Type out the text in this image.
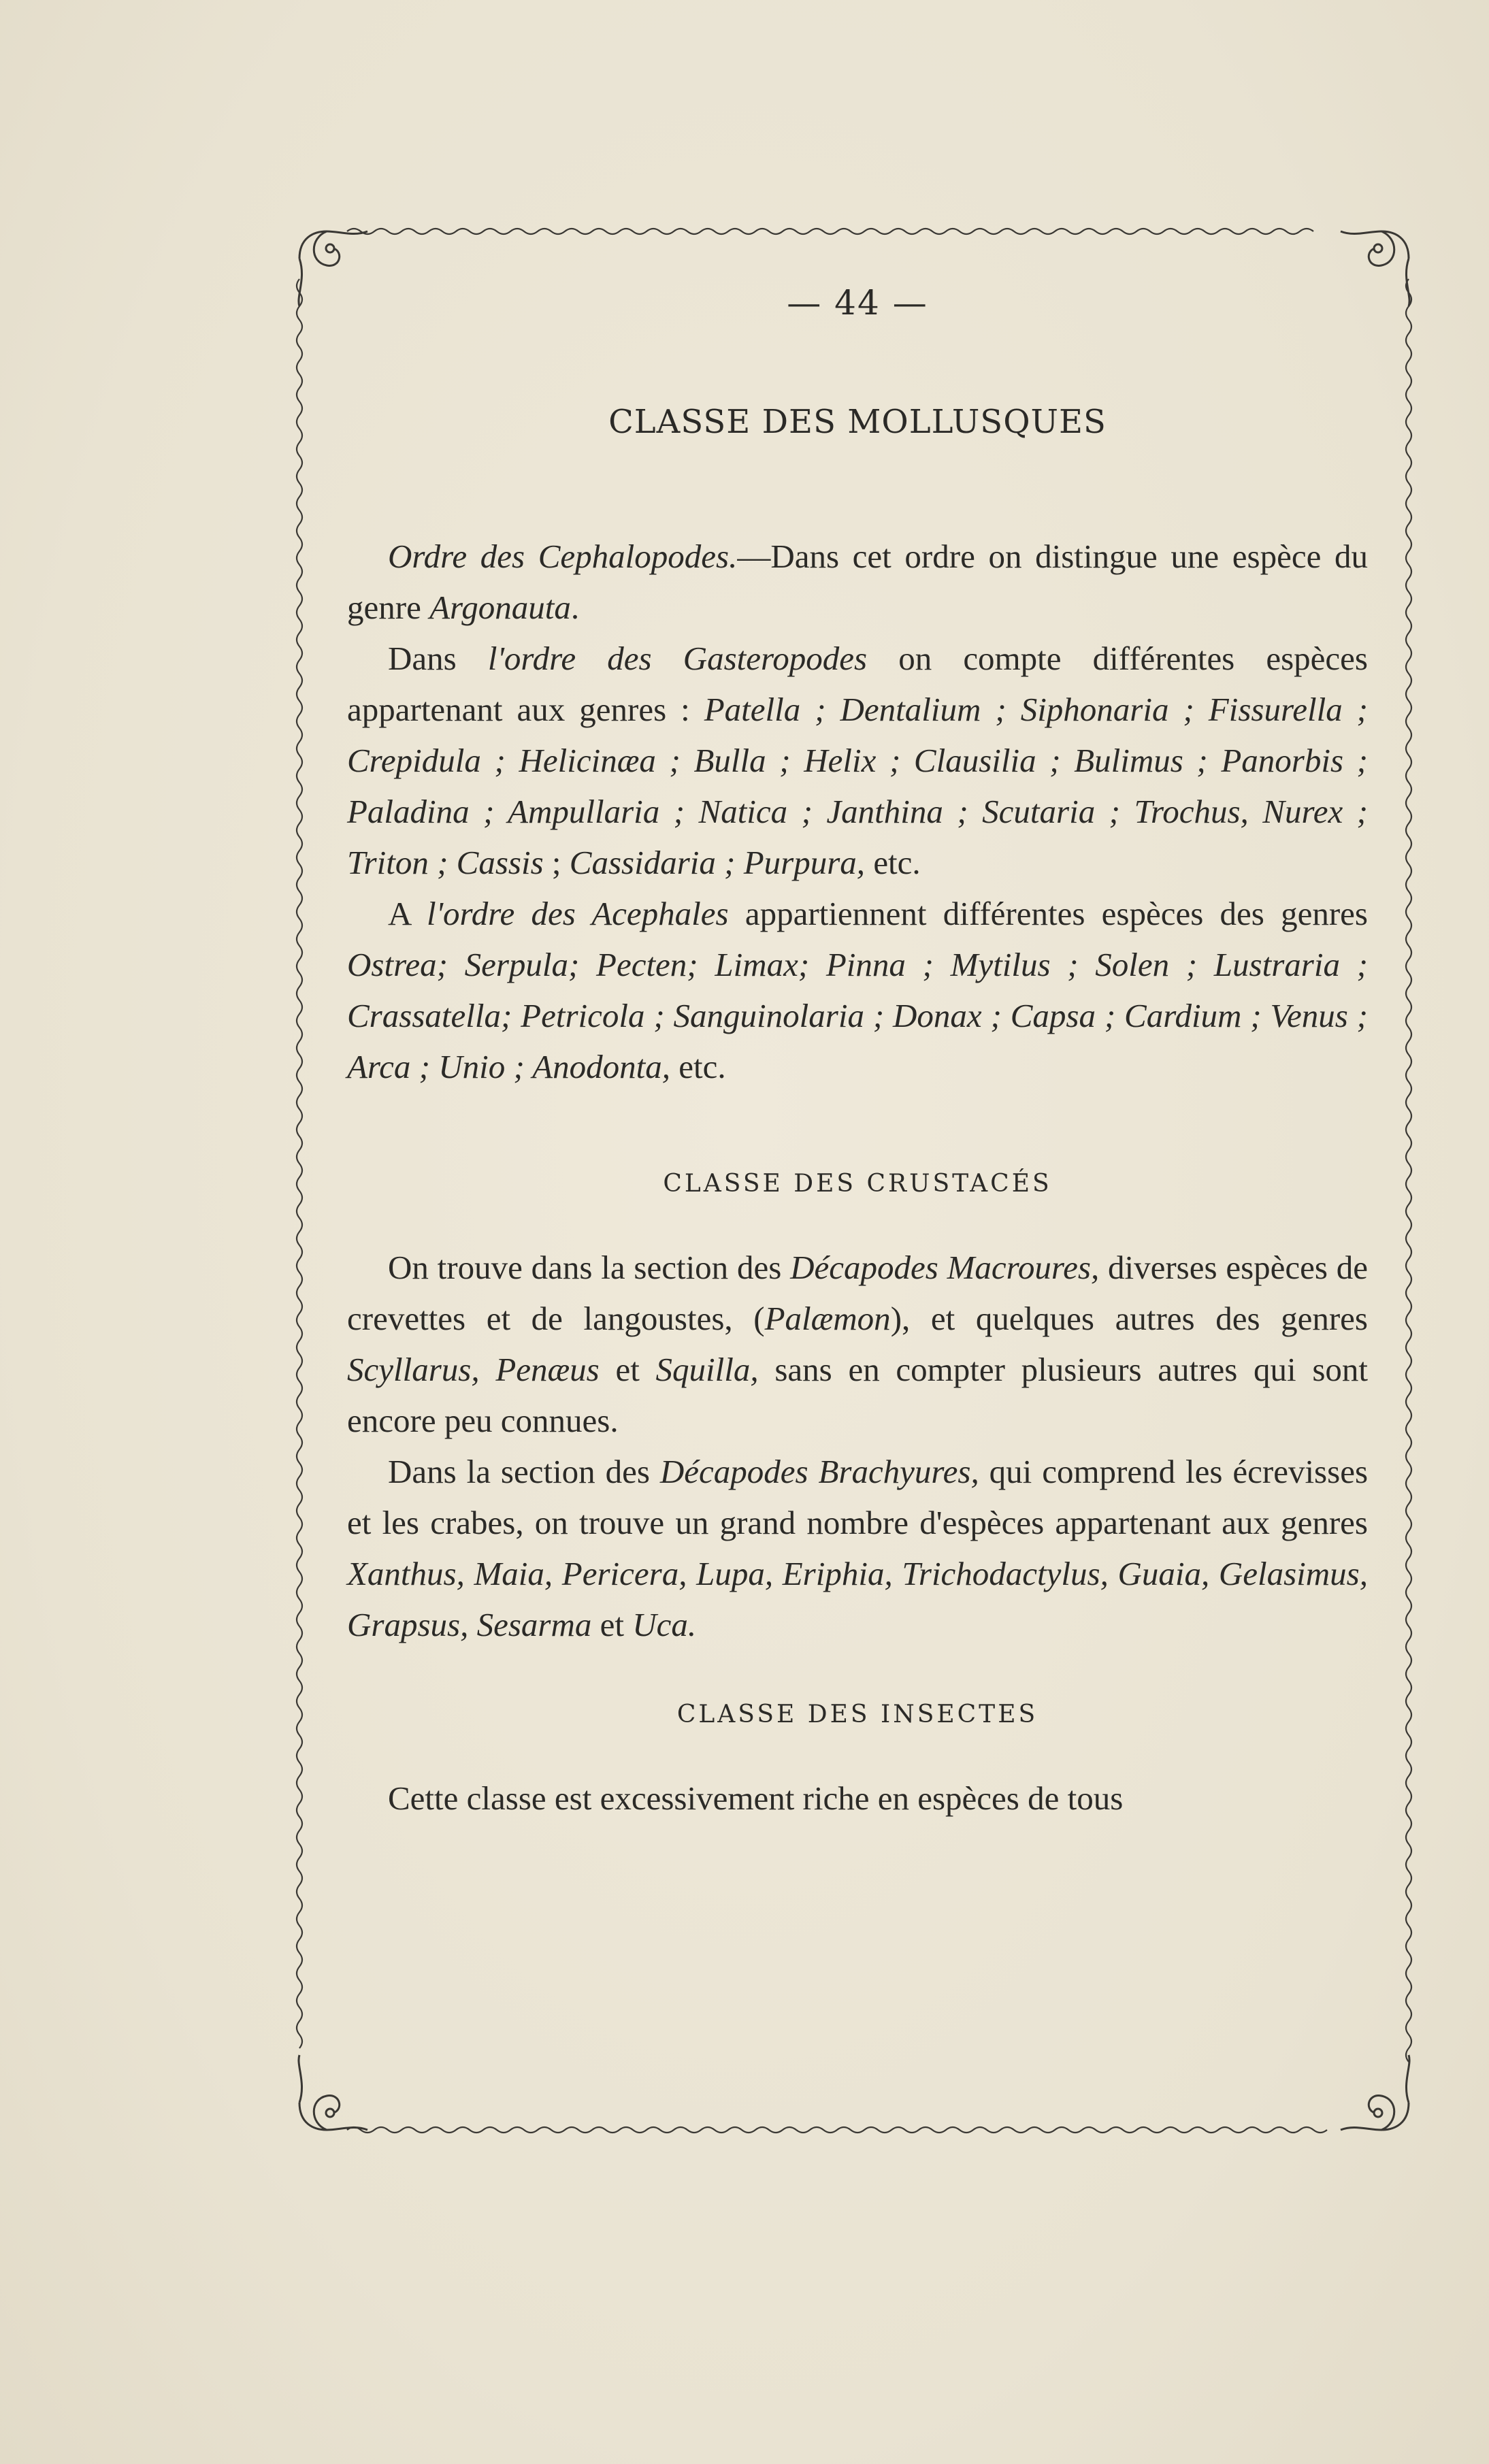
— 44 —
CLASSE DES MOLLUSQUES

Ordre des Cephalopodes.—Dans cet ordre on distingue une espèce du genre Argonauta.

Dans l'ordre des Gasteropodes on compte différentes espèces appartenant aux genres : Patella ; Dentalium ; Siphonaria ; Fissurella ; Crepidula ; Helicinæa ; Bulla ; Helix ; Clausilia ; Bulimus ; Panorbis ; Paladina ; Ampullaria ; Natica ; Janthina ; Scutaria ; Trochus, Nurex ; Triton ; Cassis ; Cassidaria ; Purpura, etc.

A l'ordre des Acephales appartiennent différentes espèces des genres Ostrea; Serpula; Pecten; Limax; Pinna ; Mytilus ; Solen ; Lustraria ; Crassatella; Petricola ; Sanguinolaria ; Donax ; Capsa ; Cardium ; Venus ; Arca ; Unio ; Anodonta, etc.

CLASSE DES CRUSTACÉS

On trouve dans la section des Décapodes Macroures, diverses espèces de crevettes et de langoustes, (Palæmon), et quelques autres des genres Scyllarus, Penæus et Squilla, sans en compter plusieurs autres qui sont encore peu connues.

Dans la section des Décapodes Brachyures, qui comprend les écrevisses et les crabes, on trouve un grand nombre d'espèces appartenant aux genres Xanthus, Maia, Pericera, Lupa, Eriphia, Trichodactylus, Guaia, Gelasimus, Grapsus, Sesarma et Uca.

CLASSE DES INSECTES

Cette classe est excessivement riche en espèces de tous
